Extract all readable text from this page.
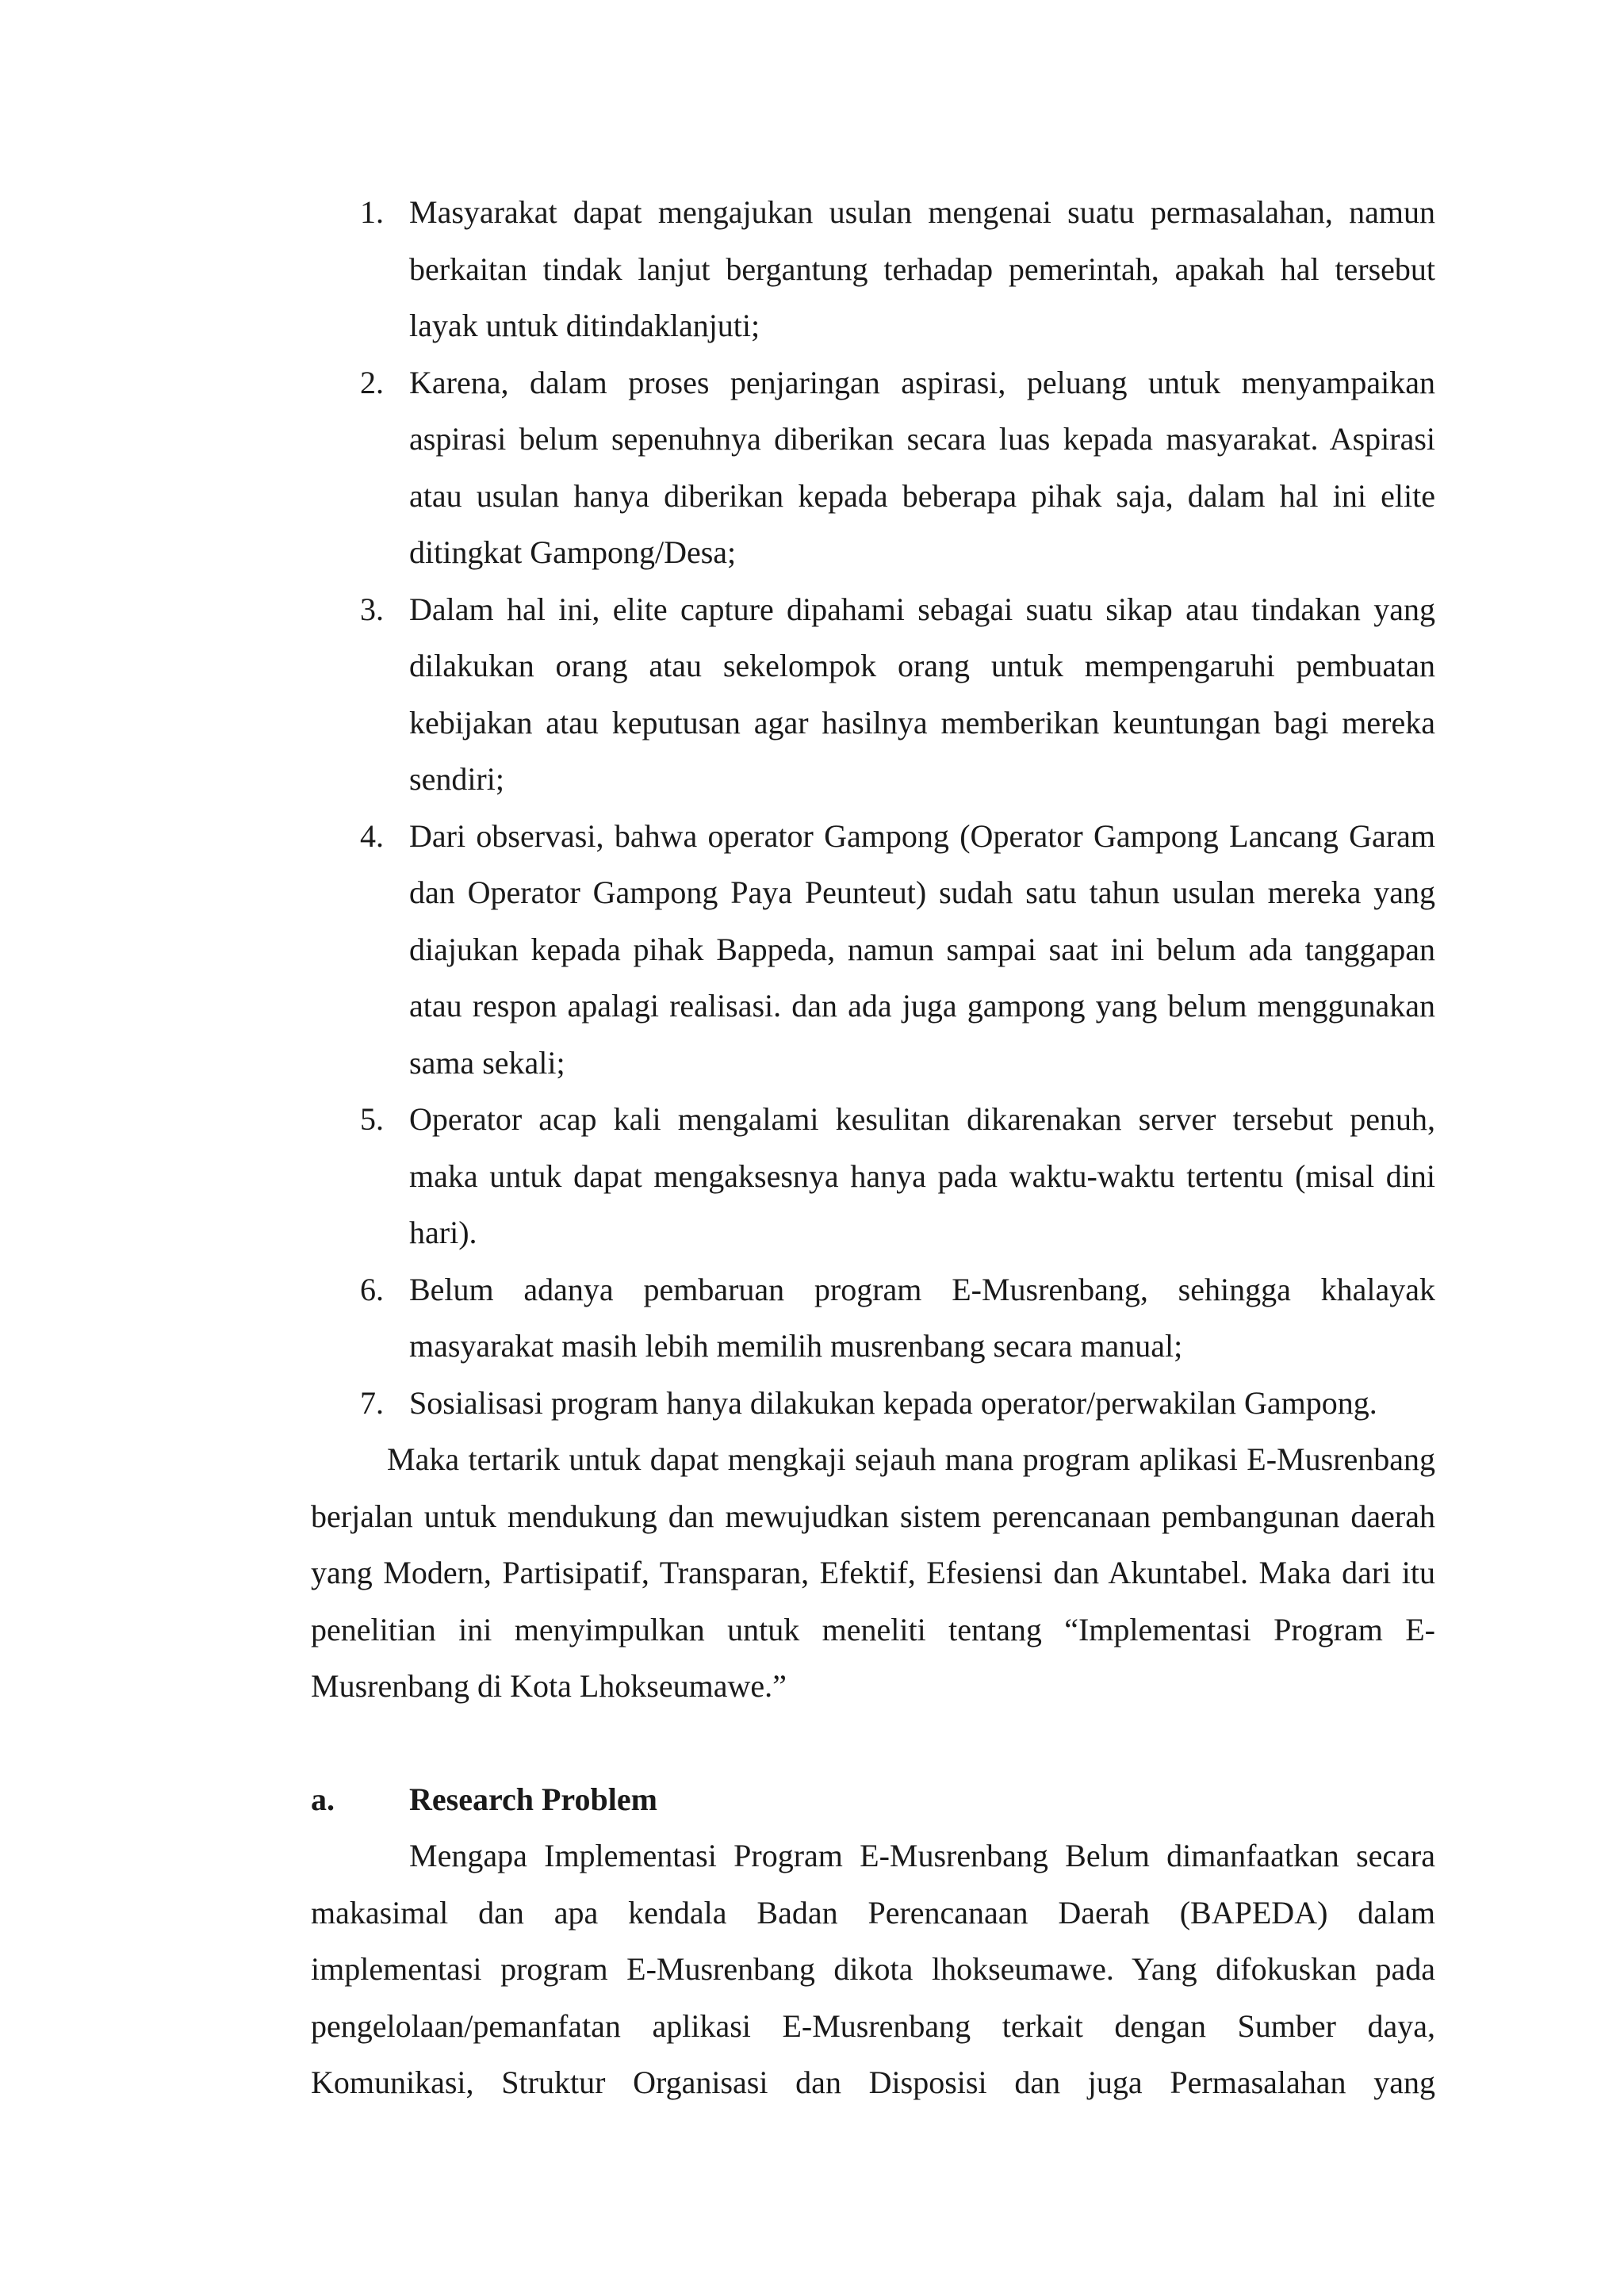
1. Masyarakat dapat mengajukan usulan mengenai suatu permasalahan, namun berkaitan tindak lanjut bergantung terhadap pemerintah, apakah hal tersebut layak untuk ditindaklanjuti;
2. Karena, dalam proses penjaringan aspirasi, peluang untuk menyampaikan aspirasi belum sepenuhnya diberikan secara luas kepada masyarakat. Aspirasi atau usulan hanya diberikan kepada beberapa pihak saja, dalam hal ini elite ditingkat Gampong/Desa;
3. Dalam hal ini, elite capture dipahami sebagai suatu sikap atau tindakan yang dilakukan orang atau sekelompok orang untuk mempengaruhi pembuatan kebijakan atau keputusan agar hasilnya memberikan keuntungan bagi mereka sendiri;
4. Dari observasi, bahwa operator Gampong (Operator Gampong Lancang Garam dan Operator Gampong Paya Peunteut) sudah satu tahun usulan mereka yang diajukan kepada pihak Bappeda, namun sampai saat ini belum ada tanggapan atau respon apalagi realisasi. dan ada juga gampong yang belum menggunakan sama sekali;
5. Operator acap kali mengalami kesulitan dikarenakan server tersebut penuh, maka untuk dapat mengaksesnya hanya pada waktu-waktu tertentu (misal dini hari).
6. Belum adanya pembaruan program E-Musrenbang, sehingga khalayak masyarakat masih lebih memilih musrenbang secara manual;
7. Sosialisasi program hanya dilakukan kepada operator/perwakilan Gampong.

Maka tertarik untuk dapat mengkaji sejauh mana program aplikasi E-Musrenbang berjalan untuk mendukung dan mewujudkan sistem perencanaan pembangunan daerah yang Modern, Partisipatif, Transparan, Efektif, Efesiensi dan Akuntabel. Maka dari itu penelitian ini menyimpulkan untuk meneliti tentang “Implementasi Program E-Musrenbang di Kota Lhokseumawe.”

a.	Research Problem

Mengapa Implementasi Program E-Musrenbang Belum dimanfaatkan secara makasimal dan apa kendala Badan Perencanaan Daerah (BAPEDA) dalam implementasi program E-Musrenbang dikota lhokseumawe. Yang difokuskan pada pengelolaan/pemanfatan aplikasi E-Musrenbang terkait dengan Sumber daya, Komunikasi, Struktur Organisasi dan Disposisi dan juga Permasalahan yang
